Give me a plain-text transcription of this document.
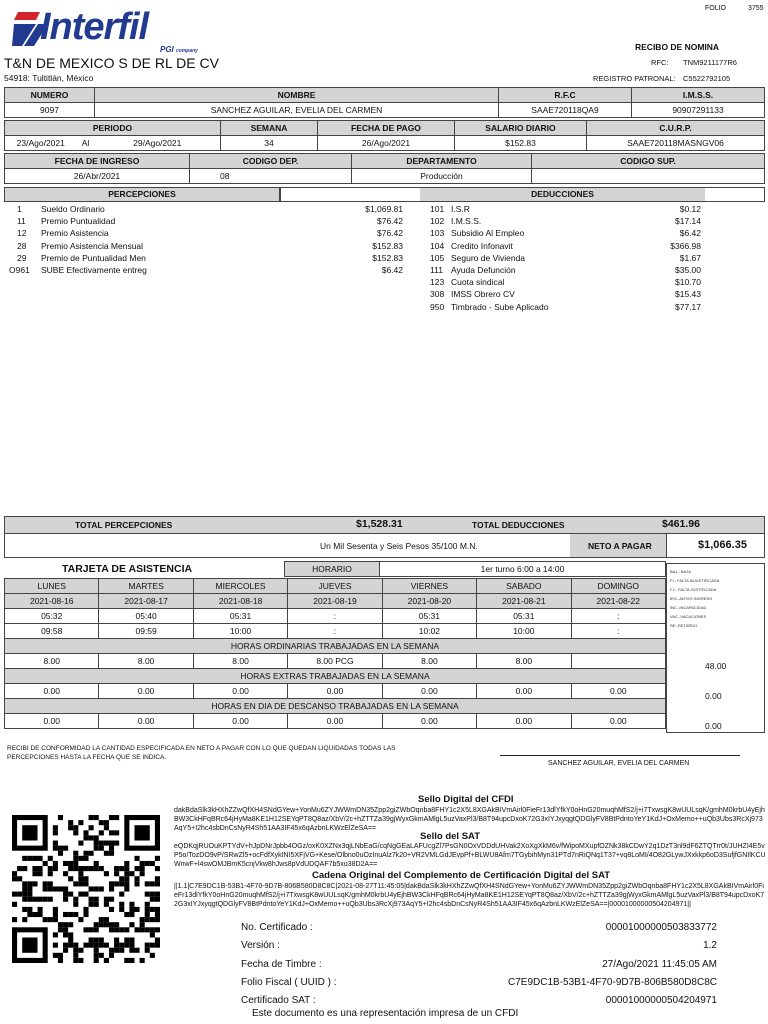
Interfil
PGI company
T&N DE MEXICO S DE RL DE CV
54918: Tultitlán, México
FOLIO	3755
RECIBO DE NOMINA
RFC: TNM9211177R6
REGISTRO PATRONAL: C5522792105
NUMERO	NOMBRE	R.F.C	I.M.S.S.
9097	SANCHEZ AGUILAR, EVELIA DEL CARMEN	SAAE720118QA9	90907291133
PERIODO			SEMANA	FECHA DE PAGO	SALARIO DIARIO	C.U.R.P.
23/Ago/2021	Al	29/Ago/2021	34	26/Ago/2021	$152.83	SAAE720118MASNGV06
FECHA DE INGRESO	CODIGO DEP.	DEPARTAMENTO	CODIGO SUP.
26/Abr/2021	08	Producción	
PERCEPCIONES	DEDUCCIONES
1 Sueldo Ordinario	$1,069.81
11 Premio Puntualidad	$76.42
12 Premio Asistencia	$76.42
28 Premio Asistencia Mensual	$152.83
29 Premio de Puntualidad Men	$152.83
O961 SUBE Efectivamente entreg	$6.42
101 I.S.R	$0.12
102 I.M.S.S.	$17.14
103 Subsidio Al Empleo	$6.42
104 Credito Infonavit	$366.98
105 Seguro de Vivienda	$1.67
111 Ayuda Defunción	$35.00
123 Cuota sindical	$10.70
308 IMSS Obrero CV	$15.43
950 Timbrado - Sube Aplicado	$77.17
TOTAL PERCEPCIONES	$1,528.31	TOTAL DEDUCCIONES	$461.96
Un Mil Sesenta y Seis Pesos 35/100 M.N.	NETO A PAGAR	$1,066.35
TARJETA DE ASISTENCIA	HORARIO	1er turno 6:00 a 14:00
LUNES	MARTES	MIERCOLES	JUEVES	VIERNES	SABADO	DOMINGO
2021-08-16	2021-08-17	2021-08-18	2021-08-19	2021-08-20	2021-08-21	2021-08-22
05:32	05:40	05:31	:	05:31	05:31	:
09:58	09:59	10:00	:	10:02	10:00	:
HORAS ORDINARIAS TRABAJADAS EN LA SEMANA						
8.00	8.00	8.00	8.00 PCG	8.00	8.00	
HORAS EXTRAS TRABAJADAS EN LA SEMANA						
0.00	0.00	0.00	0.00	0.00	0.00	0.00
HORAS EN DIA DE DESCANSO TRABAJADAS EN LA SEMANA						
0.00	0.00	0.00	0.00	0.00	0.00	0.00
BAJ.- BAJA
FI.- FALTA INJUSTIFICADA
FJ.- FALTA JUSTIFICADA
IEG.-ANTES INGRESO
INC.-INCAPACIDAD
VAC.-VACACIONES
RE.-RETARDO
48.00
0.00
0.00
RECIBI DE CONFORMIDAD LA CANTIDAD ESPECIFICADA EN NETO A PAGAR CON LO QUE QUEDAN LIQUIDADAS TODAS LAS
PERCEPCIONES HASTA LA FECHA QUE SE INDICA.
SANCHEZ AGUILAR, EVELIA DEL CARMEN
Sello Digital del CFDI
dakBdaSlk3kHXhZZwQfXH4SNdGYew+YonMu6ZYJWWmDN35Zpp2giZWbOqnba8FHY1c2X5L8XGAkBIVmAirl0FieFr13dlYfkY0oHnG20muqhMfS2/j+i7TxwsgK8wUULsqK/gmhM0krbU4yEjhBW3CkHFqBRc64jHyMa8KE1H12SEYqPT8Q8az/XbV/2c+hZTTZa39gjWyxGkmAMlgL5uzVaxPl3/B8T94upcDxoK72G3xIYJxyqgtQDGlyFV8BtPdntoYeY1KdJ+OxMemo++uQb3Ubs3RcXj973AqY5+I2hc4sbDnCsNyR4Sh51AA3IF45x6qAzbnLKWzElZeSA==
Sello del SAT
eQDKqjRUOuKPTYdV+hJpDNrJpbb4OGz/oxK0XZNx3qjLNbEaG/cqNgGEaLAFUcgZl7PsGN0OxVDDdUHVak2XoXgXkM6v/fWipoMXupfOZNk38kCDwY2q1DzT3nl9dF6ZTQTrr0t/JUHZI4E5vP5o/TozDO9vP/SRwZl5+ocFdfXykINI5XFjVG+Kese/Olbno0uOzInuAlz7k20+VR2VMLGdJEvpPf+BLWU8Afm7TGybihMyn31PTd7nRiQNq1T37+vq8LoMI/4O82GLywJXxkkp6oD3SufjfGNIlKCUWnwF+l4swOMJBmK5cnjVkw8hJws8pVdUDQAF7b5xu38D2A==
Cadena Original del Complemento de Certificación Digital del SAT
||1.1|C7E9DC1B-53B1-4F70-9D7B-806B580D8C8C|2021-08-27T11:45:05|dakBdaSlk3kHXhZZwQfXH4SNdGYew+YonMu6ZYJWWmDN35Zpp2giZWbOqnba8FHY1c2X5L8XGAkBIVmAirl0FieFr13dlYfkY0oHnG20muqhMfS2/j+i7TxwsgK8wUULsqK/gmhM0krbU4yEjhBW3CkHFqBRc64jHyMa8KE1H12SEYqPT8Q8az/XbV/2c+hZTTZa39gjWyxGkmAMlgL5uzVaxPl3/B8T94upcDxoK72G3xIYJxyqgtQDGlyFV8BtPdntoYeY1KdJ+OxMemo++uQb3Ubs3RcXj973AqY5+I2hc4sbDnCsNyR4Sh51AA3IF45x6qAzbnLKWzElZeSA==|00001000000504204971||
No. Certificado :	00001000000503833772
Versión :	1.2
Fecha de Timbre :	27/Ago/2021 11:45:05 AM
Folio Fiscal ( UUID ) :	C7E9DC1B-53B1-4F70-9D7B-806B580D8C8C
Certificado SAT :	00001000000504204971
Este documento es una representación impresa de un CFDI
